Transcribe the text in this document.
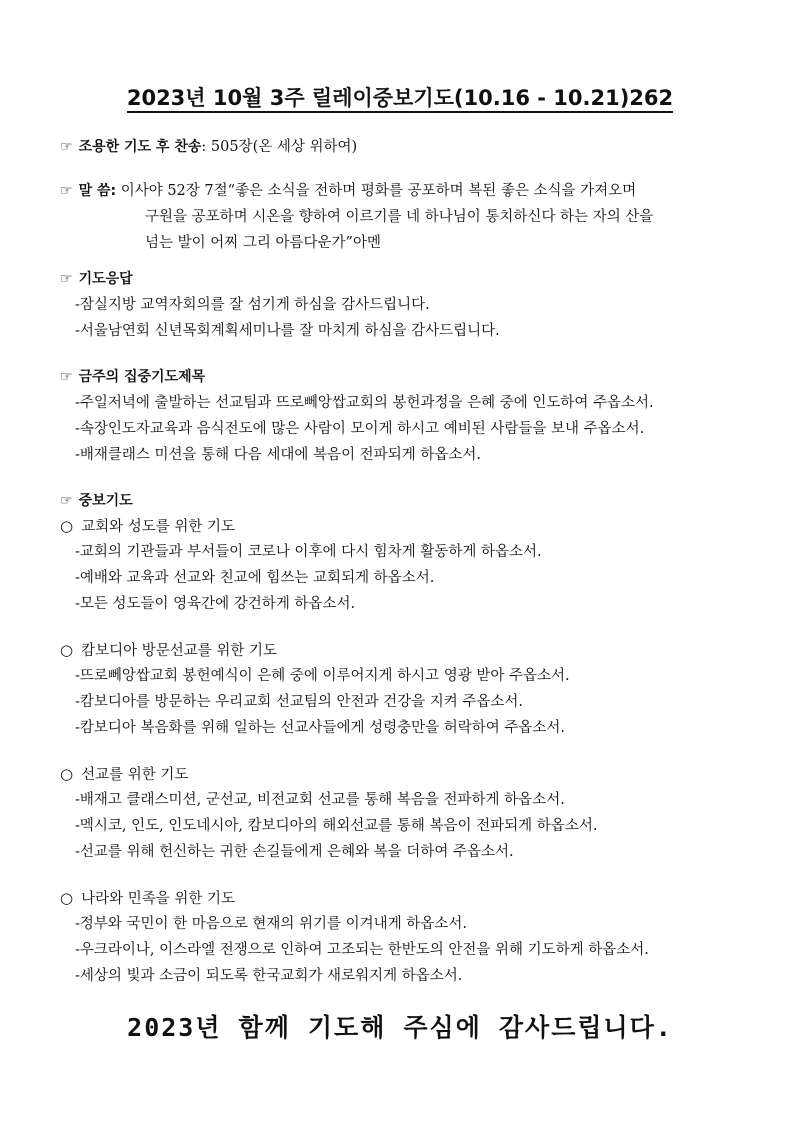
2023년 10월 3주 릴레이중보기도(10.16 - 10.21)262
☞ 조용한 기도 후 찬송: 505장(온 세상 위하여)
☞ 말 씀: 이사야 52장 7절“좋은 소식을 전하며 평화를 공포하며 복된 좋은 소식을 가져오며
구원을 공포하며 시온을 향하여 이르기를 네 하나님이 통치하신다 하는 자의 산을
넘는 발이 어찌 그리 아름다운가”아멘
☞ 기도응답
-잠실지방 교역자회의를 잘 섬기게 하심을 감사드립니다.
-서울남연회 신년목회계획세미나를 잘 마치게 하심을 감사드립니다.
☞ 금주의 집중기도제목
-주일저녁에 출발하는 선교팀과 뜨로뻬앙쌉교회의 봉헌과정을 은혜 중에 인도하여 주옵소서.
-속장인도자교육과 음식전도에 많은 사람이 모이게 하시고 예비된 사람들을 보내 주옵소서.
-배재클래스 미션을 통해 다음 세대에 복음이 전파되게 하옵소서.
☞ 중보기도
○ 교회와 성도를 위한 기도
-교회의 기관들과 부서들이 코로나 이후에 다시 힘차게 활동하게 하옵소서.
-예배와 교육과 선교와 친교에 힘쓰는 교회되게 하옵소서.
-모든 성도들이 영육간에 강건하게 하옵소서.
○ 캄보디아 방문선교를 위한 기도
-뜨로뻬앙쌉교회 봉헌예식이 은혜 중에 이루어지게 하시고 영광 받아 주옵소서.
-캄보디아를 방문하는 우리교회 선교팀의 안전과 건강을 지켜 주옵소서.
-캄보디아 복음화를 위해 일하는 선교사들에게 성령충만을 허락하여 주옵소서.
○ 선교를 위한 기도
-배재고 클래스미션, 군선교, 비전교회 선교를 통해 복음을 전파하게 하옵소서.
-멕시코, 인도, 인도네시아, 캄보디아의 해외선교를 통해 복음이 전파되게 하옵소서.
-선교를 위해 헌신하는 귀한 손길들에게 은혜와 복을 더하여 주옵소서.
○ 나라와 민족을 위한 기도
-정부와 국민이 한 마음으로 현재의 위기를 이겨내게 하옵소서.
-우크라이나, 이스라엘 전쟁으로 인하여 고조되는 한반도의 안전을 위해 기도하게 하옵소서.
-세상의 빛과 소금이 되도록 한국교회가 새로워지게 하옵소서.
2023년 함께 기도해 주심에 감사드립니다.
